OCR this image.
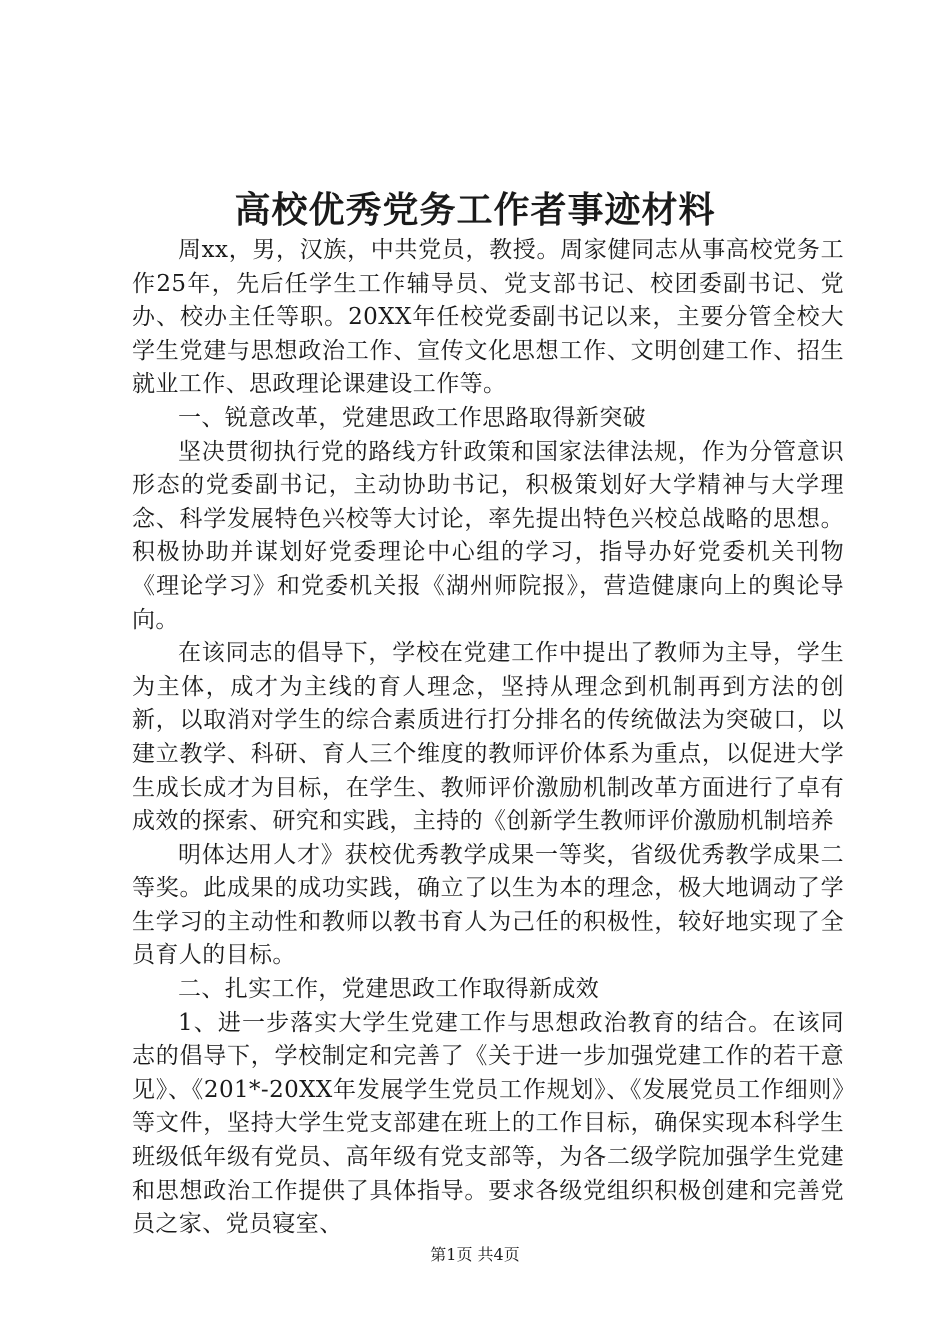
高校优秀党务工作者事迹材料

周xx，男，汉族，中共党员，教授。周家健同志从事高校党务工作25年，先后任学生工作辅导员、党支部书记、校团委副书记、党办、校办主任等职。20XX年任校党委副书记以来，主要分管全校大学生党建与思想政治工作、宣传文化思想工作、文明创建工作、招生就业工作、思政理论课建设工作等。

一、锐意改革，党建思政工作思路取得新突破

坚决贯彻执行党的路线方针政策和国家法律法规，作为分管意识形态的党委副书记，主动协助书记，积极策划好大学精神与大学理念、科学发展特色兴校等大讨论，率先提出特色兴校总战略的思想。积极协助并谋划好党委理论中心组的学习，指导办好党委机关刊物《理论学习》和党委机关报《湖州师院报》，营造健康向上的舆论导向。

在该同志的倡导下，学校在党建工作中提出了教师为主导，学生为主体，成才为主线的育人理念，坚持从理念到机制再到方法的创新，以取消对学生的综合素质进行打分排名的传统做法为突破口，以建立教学、科研、育人三个维度的教师评价体系为重点，以促进大学生成长成才为目标，在学生、教师评价激励机制改革方面进行了卓有成效的探索、研究和实践，主持的《创新学生教师评价激励机制培养

明体达用人才》获校优秀教学成果一等奖，省级优秀教学成果二等奖。此成果的成功实践，确立了以生为本的理念，极大地调动了学生学习的主动性和教师以教书育人为己任的积极性，较好地实现了全员育人的目标。

二、扎实工作，党建思政工作取得新成效

1、进一步落实大学生党建工作与思想政治教育的结合。在该同志的倡导下，学校制定和完善了《关于进一步加强党建工作的若干意见》、《201*-20XX年发展学生党员工作规划》、《发展党员工作细则》等文件，坚持大学生党支部建在班上的工作目标，确保实现本科学生班级低年级有党员、高年级有党支部等，为各二级学院加强学生党建和思想政治工作提供了具体指导。要求各级党组织积极创建和完善党员之家、党员寝室、

第1页 共4页
